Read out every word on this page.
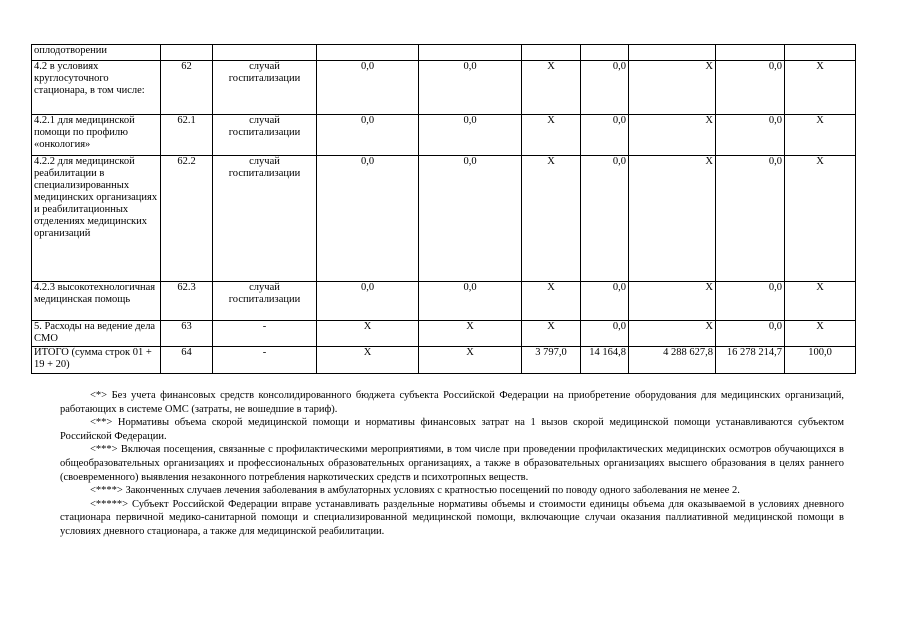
оплодотворении									
4.2 в условиях круглосуточного стационара, в том числе:	62	случай госпитализации	0,0	0,0	X	0,0	X	0,0	X
4.2.1 для медицинской помощи по профилю «онкология»	62.1	случай госпитализации	0,0	0,0	X	0,0	X	0,0	X
4.2.2 для медицинской реабилитации в специализированных медицинских организациях и реабилитационных отделениях медицинских организаций	62.2	случай госпитализации	0,0	0,0	X	0,0	X	0,0	X
4.2.3 высокотехнологичная медицинская помощь	62.3	случай госпитализации	0,0	0,0	X	0,0	X	0,0	X
5. Расходы на ведение дела СМО	63	-	X	X	X	0,0	X	0,0	X
ИТОГО (сумма строк 01 + 19 + 20)	64	-	X	X	3 797,0	14 164,8	4 288 627,8	16 278 214,7	100,0

<*> Без учета финансовых средств консолидированного бюджета субъекта Российской Федерации на приобретение оборудования для медицинских организаций, работающих в системе ОМС (затраты, не вошедшие в тариф).

<**> Нормативы объема скорой медицинской помощи и нормативы финансовых затрат на 1 вызов скорой медицинской помощи устанавливаются субъектом Российской Федерации.

<***> Включая посещения, связанные с профилактическими мероприятиями, в том числе при проведении профилактических медицинских осмотров обучающихся в общеобразовательных организациях и профессиональных образовательных организациях, а также в образовательных организациях высшего образования в целях раннего (своевременного) выявления незаконного потребления наркотических средств и психотропных веществ.

<****> Законченных случаев лечения заболевания в амбулаторных условиях с кратностью посещений по поводу одного заболевания не менее 2.

<*****> Субъект Российской Федерации вправе устанавливать раздельные нормативы объемы и стоимости единицы объема для оказываемой в условиях дневного стационара первичной медико-санитарной помощи и специализированной медицинской помощи, включающие случаи оказания паллиативной медицинской помощи в условиях дневного стационара, а также для медицинской реабилитации.
